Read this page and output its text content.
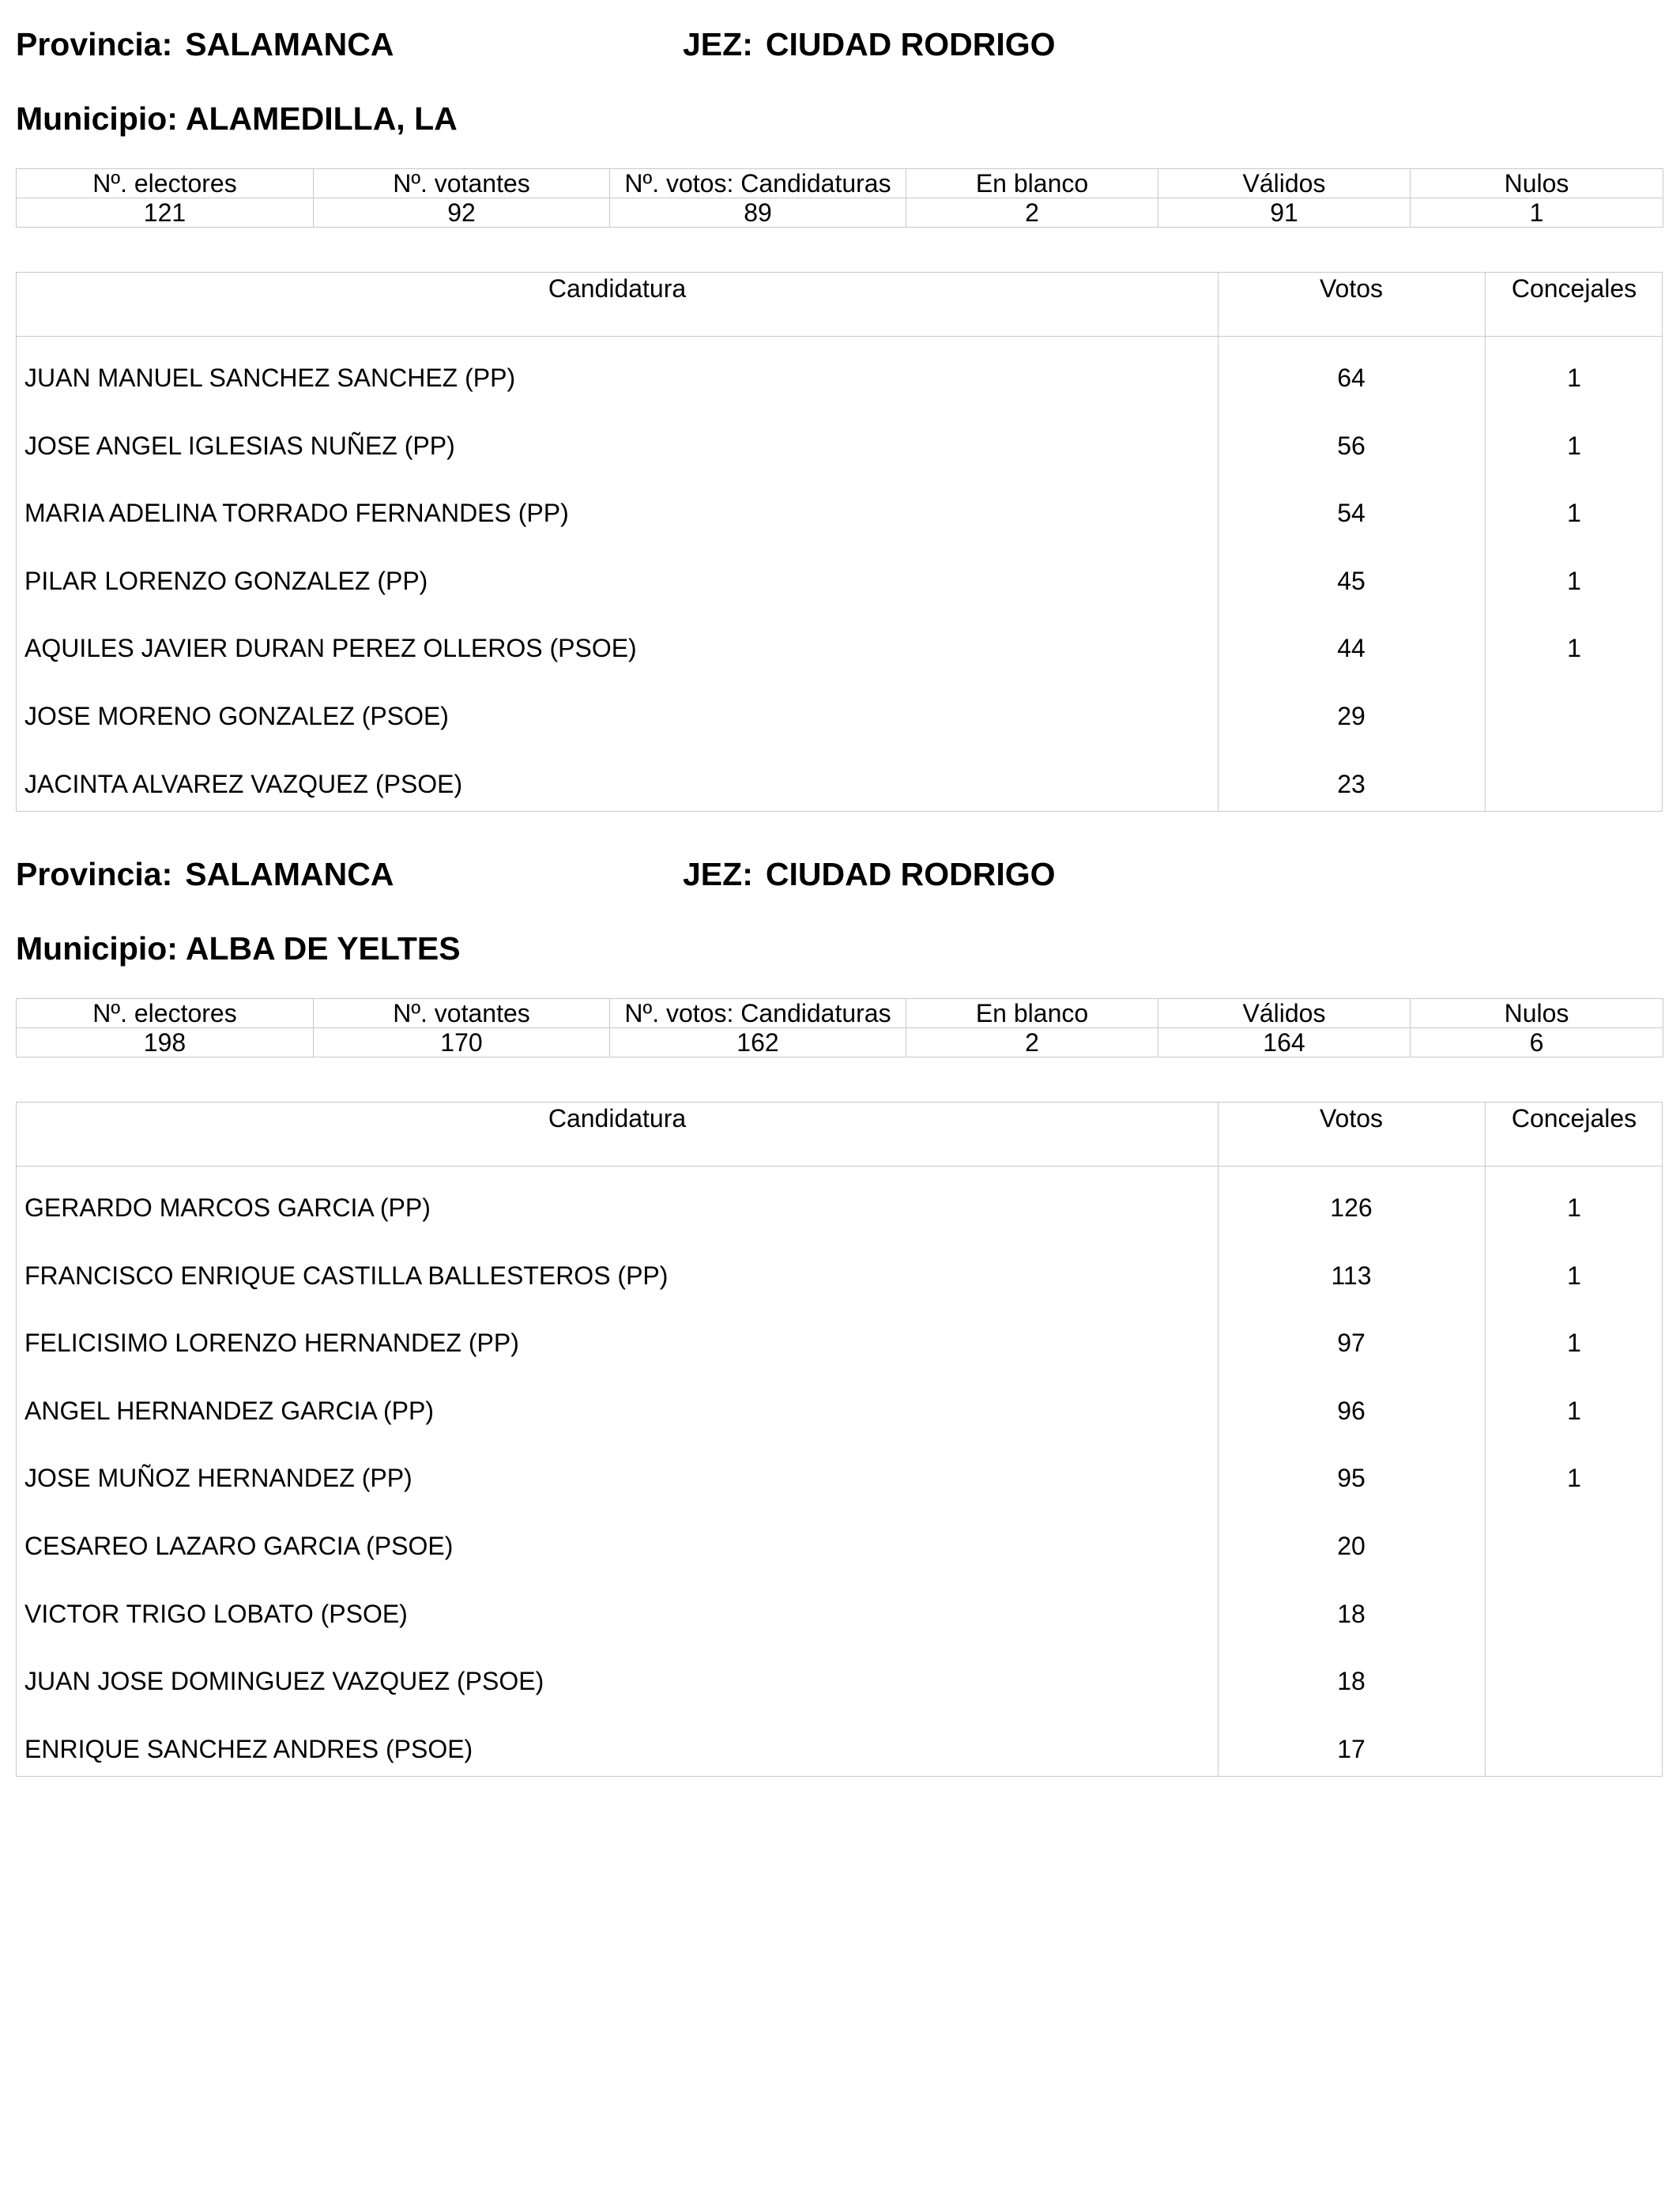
Provincia: SALAMANCA	JEZ: CIUDAD RODRIGO
Municipio: ALAMEDILLA, LA
Nº. electores	Nº. votantes	Nº. votos: Candidaturas	En blanco	Válidos	Nulos
121	92	89	2	91	1
Candidatura	Votos	Concejales
JUAN MANUEL SANCHEZ SANCHEZ (PP)	64	1
JOSE ANGEL IGLESIAS NUÑEZ (PP)	56	1
MARIA ADELINA TORRADO FERNANDES (PP)	54	1
PILAR LORENZO GONZALEZ (PP)	45	1
AQUILES JAVIER DURAN PEREZ OLLEROS (PSOE)	44	1
JOSE MORENO GONZALEZ (PSOE)	29
JACINTA ALVAREZ VAZQUEZ (PSOE)	23
Provincia: SALAMANCA	JEZ: CIUDAD RODRIGO
Municipio: ALBA DE YELTES
Nº. electores	Nº. votantes	Nº. votos: Candidaturas	En blanco	Válidos	Nulos
198	170	162	2	164	6
Candidatura	Votos	Concejales
GERARDO MARCOS GARCIA (PP)	126	1
FRANCISCO ENRIQUE CASTILLA BALLESTEROS (PP)	113	1
FELICISIMO LORENZO HERNANDEZ (PP)	97	1
ANGEL HERNANDEZ GARCIA (PP)	96	1
JOSE MUÑOZ HERNANDEZ (PP)	95	1
CESAREO LAZARO GARCIA (PSOE)	20
VICTOR TRIGO LOBATO (PSOE)	18
JUAN JOSE DOMINGUEZ VAZQUEZ (PSOE)	18
ENRIQUE SANCHEZ ANDRES (PSOE)	17
